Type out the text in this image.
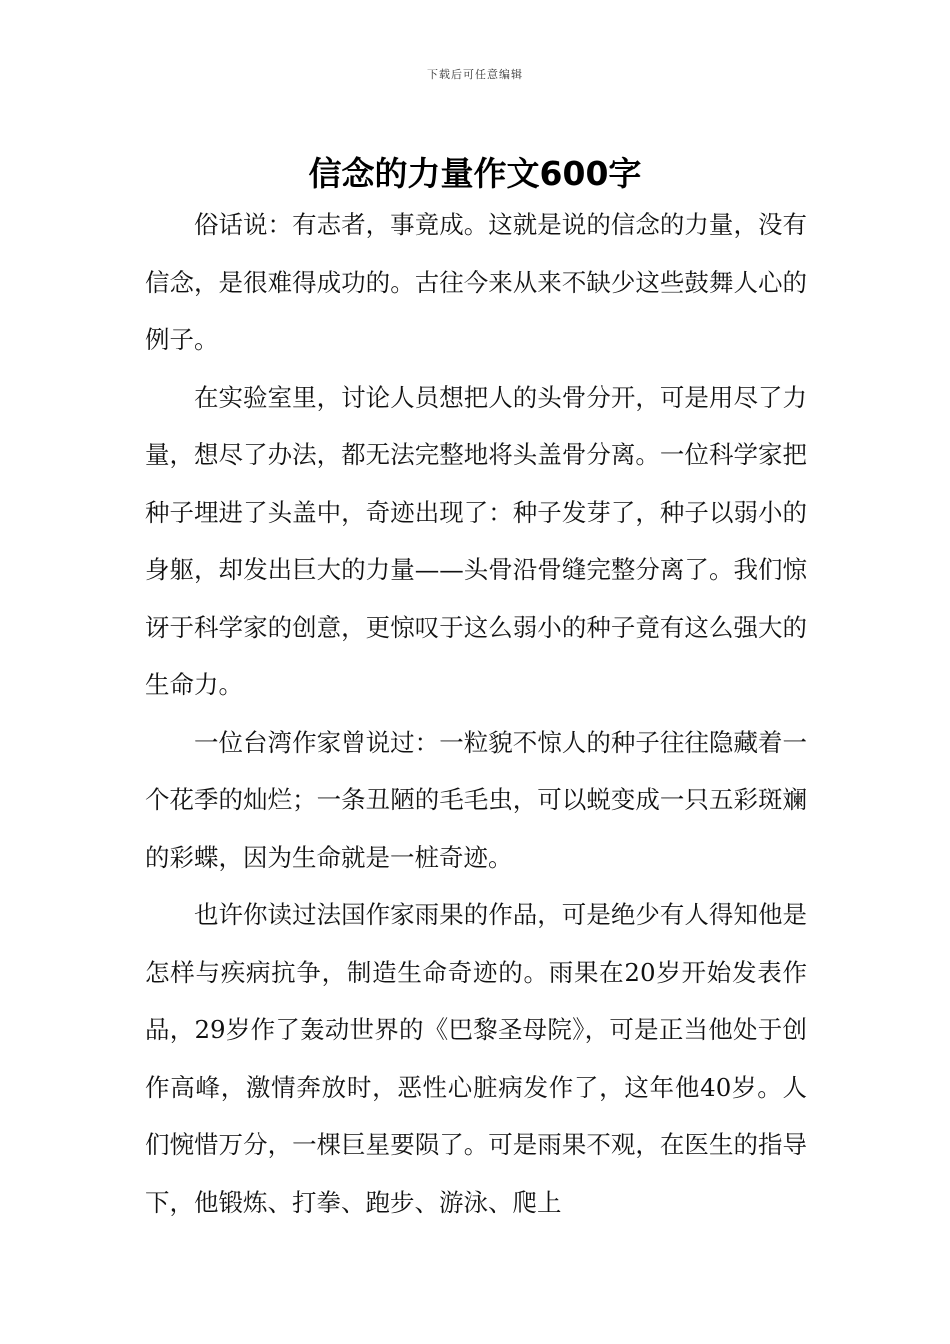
下载后可任意编辑
信念的力量作文600字

俗话说：有志者，事竟成。这就是说的信念的力量，没有信念，是很难得成功的。古往今来从来不缺少这些鼓舞人心的例子。

在实验室里，讨论人员想把人的头骨分开，可是用尽了力量，想尽了办法，都无法完整地将头盖骨分离。一位科学家把种子埋进了头盖中，奇迹出现了：种子发芽了，种子以弱小的身躯，却发出巨大的力量——头骨沿骨缝完整分离了。我们惊讶于科学家的创意，更惊叹于这么弱小的种子竟有这么强大的生命力。

一位台湾作家曾说过：一粒貌不惊人的种子往往隐藏着一个花季的灿烂；一条丑陋的毛毛虫，可以蜕变成一只五彩斑斓的彩蝶，因为生命就是一桩奇迹。

也许你读过法国作家雨果的作品，可是绝少有人得知他是怎样与疾病抗争，制造生命奇迹的。雨果在20岁开始发表作品，29岁作了轰动世界的《巴黎圣母院》，可是正当他处于创作高峰，激情奔放时，恶性心脏病发作了，这年他40岁。人们惋惜万分，一棵巨星要陨了。可是雨果不观，在医生的指导下，他锻炼、打拳、跑步、游泳、爬上
